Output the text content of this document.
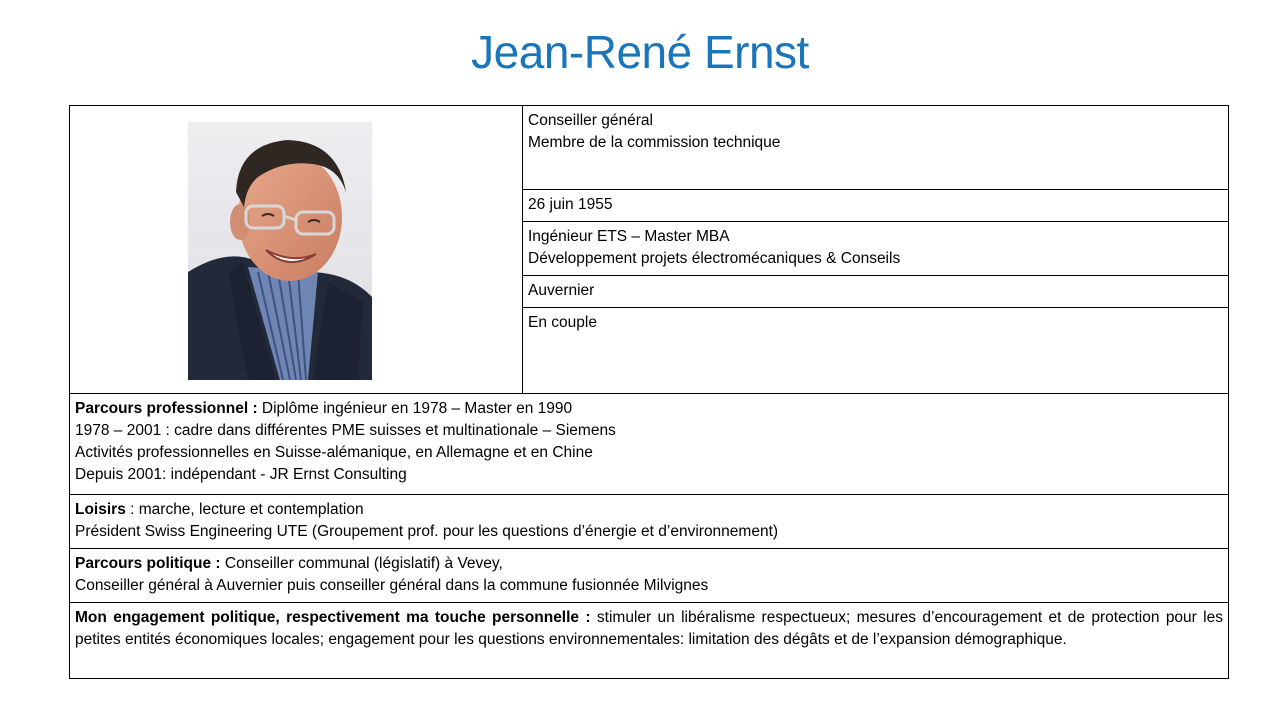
Jean-René Ernst

Conseiller général
Membre de la commission technique

26 juin 1955

Ingénieur ETS – Master MBA
Développement projets électromécaniques & Conseils

Auvernier

En couple

Parcours professionnel : Diplôme ingénieur en 1978 – Master en 1990
1978 – 2001 : cadre dans différentes PME suisses et multinationale – Siemens
Activités professionnelles en Suisse-alémanique, en Allemagne et en Chine
Depuis 2001: indépendant - JR Ernst Consulting

Loisirs : marche, lecture et contemplation
Président Swiss Engineering UTE (Groupement prof. pour les questions d’énergie et d’environnement)

Parcours politique : Conseiller communal (législatif) à Vevey,
Conseiller général à Auvernier puis conseiller général dans la commune fusionnée Milvignes

Mon engagement politique, respectivement ma touche personnelle : stimuler un libéralisme respectueux; mesures d’encouragement et de protection pour les petites entités économiques locales; engagement pour les questions environnementales: limitation des dégâts et de l’expansion démographique.
